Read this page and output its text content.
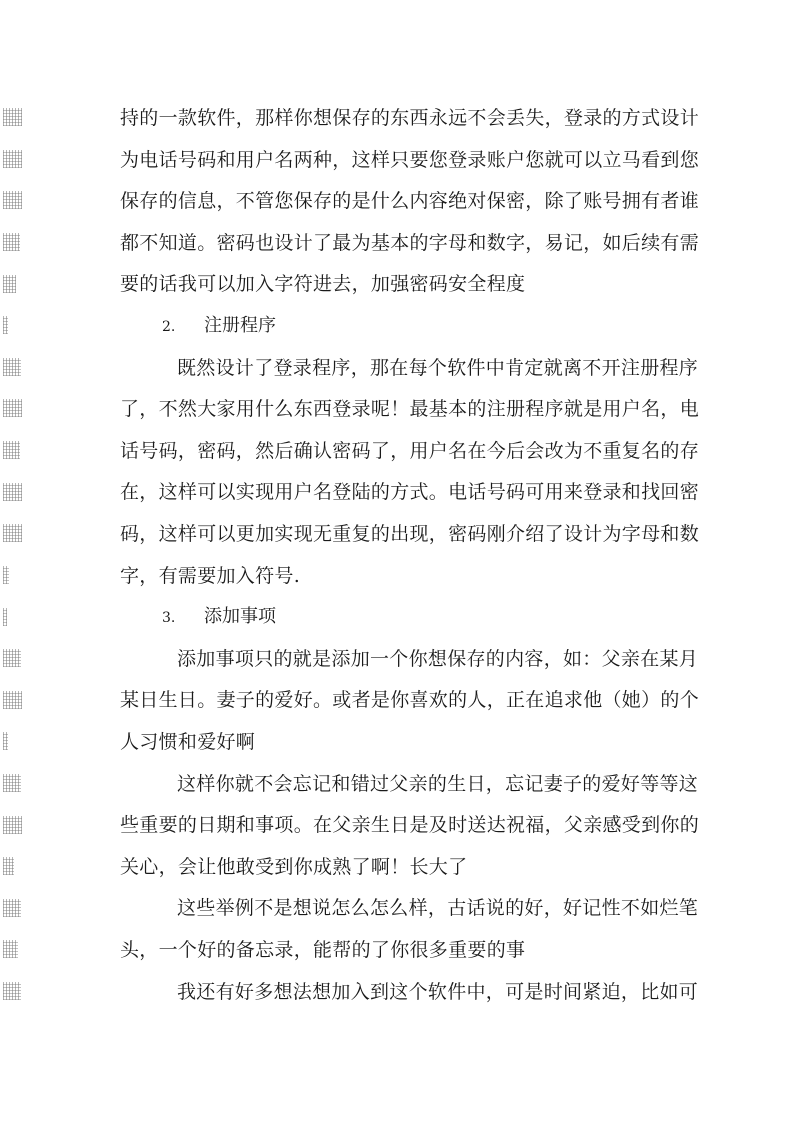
持的一款软件，那样你想保存的东西永远不会丢失，登录的方式设计
为电话号码和用户名两种，这样只要您登录账户您就可以立马看到您
保存的信息，不管您保存的是什么内容绝对保密，除了账号拥有者谁
都不知道。密码也设计了最为基本的字母和数字，易记，如后续有需
要的话我可以加入字符进去，加强密码安全程度
2. 注册程序
既然设计了登录程序，那在每个软件中肯定就离不开注册程序
了，不然大家用什么东西登录呢！最基本的注册程序就是用户名，电
话号码，密码，然后确认密码了，用户名在今后会改为不重复名的存
在，这样可以实现用户名登陆的方式。电话号码可用来登录和找回密
码，这样可以更加实现无重复的出现，密码刚介绍了设计为字母和数
字，有需要加入符号.
3. 添加事项
添加事项只的就是添加一个你想保存的内容，如：父亲在某月
某日生日。妻子的爱好。或者是你喜欢的人，正在追求他（她）的个
人习惯和爱好啊
这样你就不会忘记和错过父亲的生日，忘记妻子的爱好等等这
些重要的日期和事项。在父亲生日是及时送达祝福，父亲感受到你的
关心，会让他敢受到你成熟了啊！长大了
这些举例不是想说怎么怎么样，古话说的好，好记性不如烂笔
头，一个好的备忘录，能帮的了你很多重要的事
我还有好多想法想加入到这个软件中，可是时间紧迫，比如可
